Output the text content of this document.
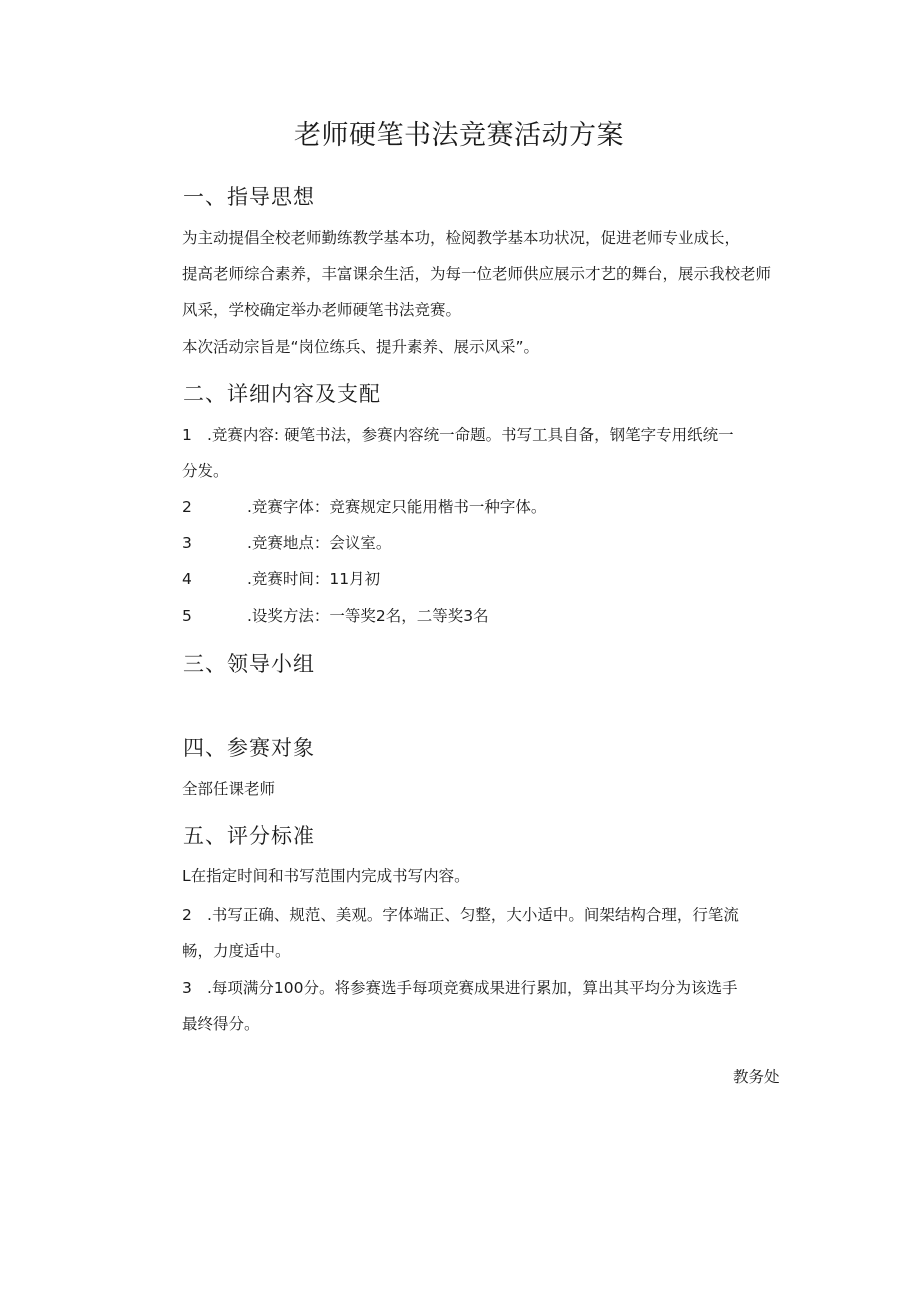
老师硬笔书法竞赛活动方案
一、指导思想
为主动提倡全校老师勤练教学基本功，检阅教学基本功状况，促进老师专业成长，
提高老师综合素养，丰富课余生活，为每一位老师供应展示才艺的舞台，展示我校老师
风采，学校确定举办老师硬笔书法竞赛。
本次活动宗旨是“岗位练兵、提升素养、展示风采”。
二、详细内容及支配
1 .竞赛内容: 硬笔书法，参赛内容统一命题。书写工具自备，钢笔字专用纸统一
分发。
2	.竞赛字体：竞赛规定只能用楷书一种字体。
3	.竞赛地点：会议室。
4	.竞赛时间：11月初
5	.设奖方法：一等奖2名，二等奖3名
三、领导小组
四、参赛对象
全部任课老师
五、评分标准
L在指定时间和书写范围内完成书写内容。
2 .书写正确、规范、美观。字体端正、匀整，大小适中。间架结构合理，行笔流
畅，力度适中。
3 .每项满分100分。将参赛选手每项竞赛成果进行累加，算出其平均分为该选手
最终得分。
教务处
